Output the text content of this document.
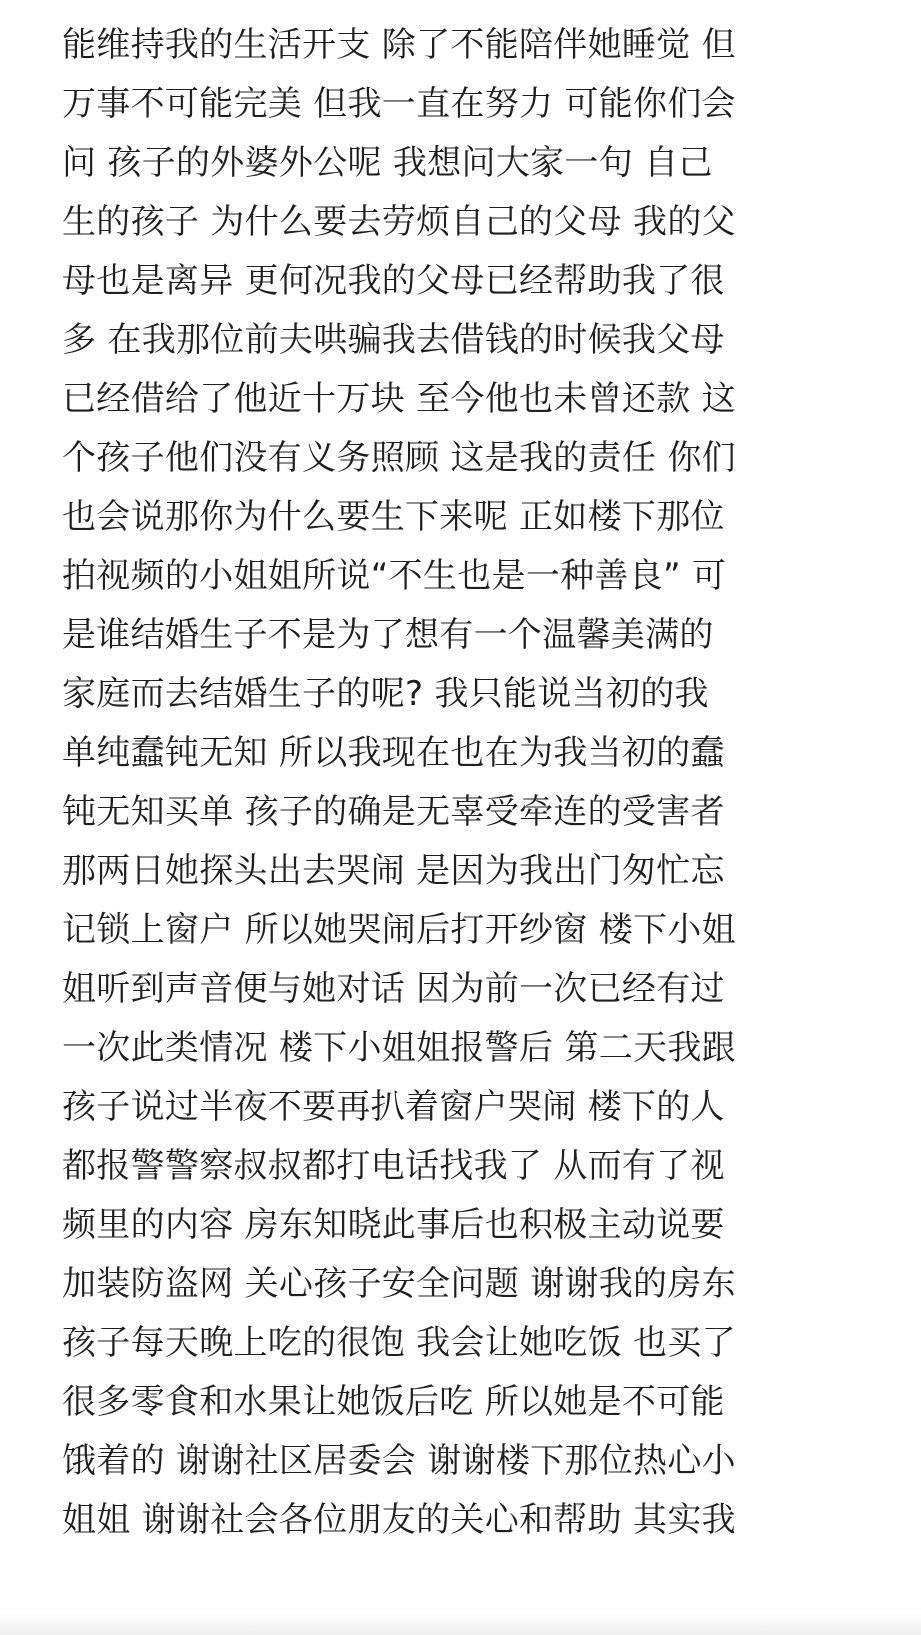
能维持我的生活开支 除了不能陪伴她睡觉 但
万事不可能完美 但我一直在努力 可能你们会
问 孩子的外婆外公呢 我想问大家一句 自己
生的孩子 为什么要去劳烦自己的父母 我的父
母也是离异 更何况我的父母已经帮助我了很
多 在我那位前夫哄骗我去借钱的时候我父母
已经借给了他近十万块 至今他也未曾还款 这
个孩子他们没有义务照顾 这是我的责任 你们
也会说那你为什么要生下来呢 正如楼下那位
拍视频的小姐姐所说“不生也是一种善良” 可
是谁结婚生子不是为了想有一个温馨美满的
家庭而去结婚生子的呢? 我只能说当初的我
单纯蠢钝无知 所以我现在也在为我当初的蠢
钝无知买单 孩子的确是无辜受牵连的受害者
那两日她探头出去哭闹 是因为我出门匆忙忘
记锁上窗户 所以她哭闹后打开纱窗 楼下小姐
姐听到声音便与她对话 因为前一次已经有过
一次此类情况 楼下小姐姐报警后 第二天我跟
孩子说过半夜不要再扒着窗户哭闹 楼下的人
都报警警察叔叔都打电话找我了 从而有了视
频里的内容 房东知晓此事后也积极主动说要
加装防盗网 关心孩子安全问题 谢谢我的房东
孩子每天晚上吃的很饱 我会让她吃饭 也买了
很多零食和水果让她饭后吃 所以她是不可能
饿着的 谢谢社区居委会 谢谢楼下那位热心小
姐姐 谢谢社会各位朋友的关心和帮助 其实我
